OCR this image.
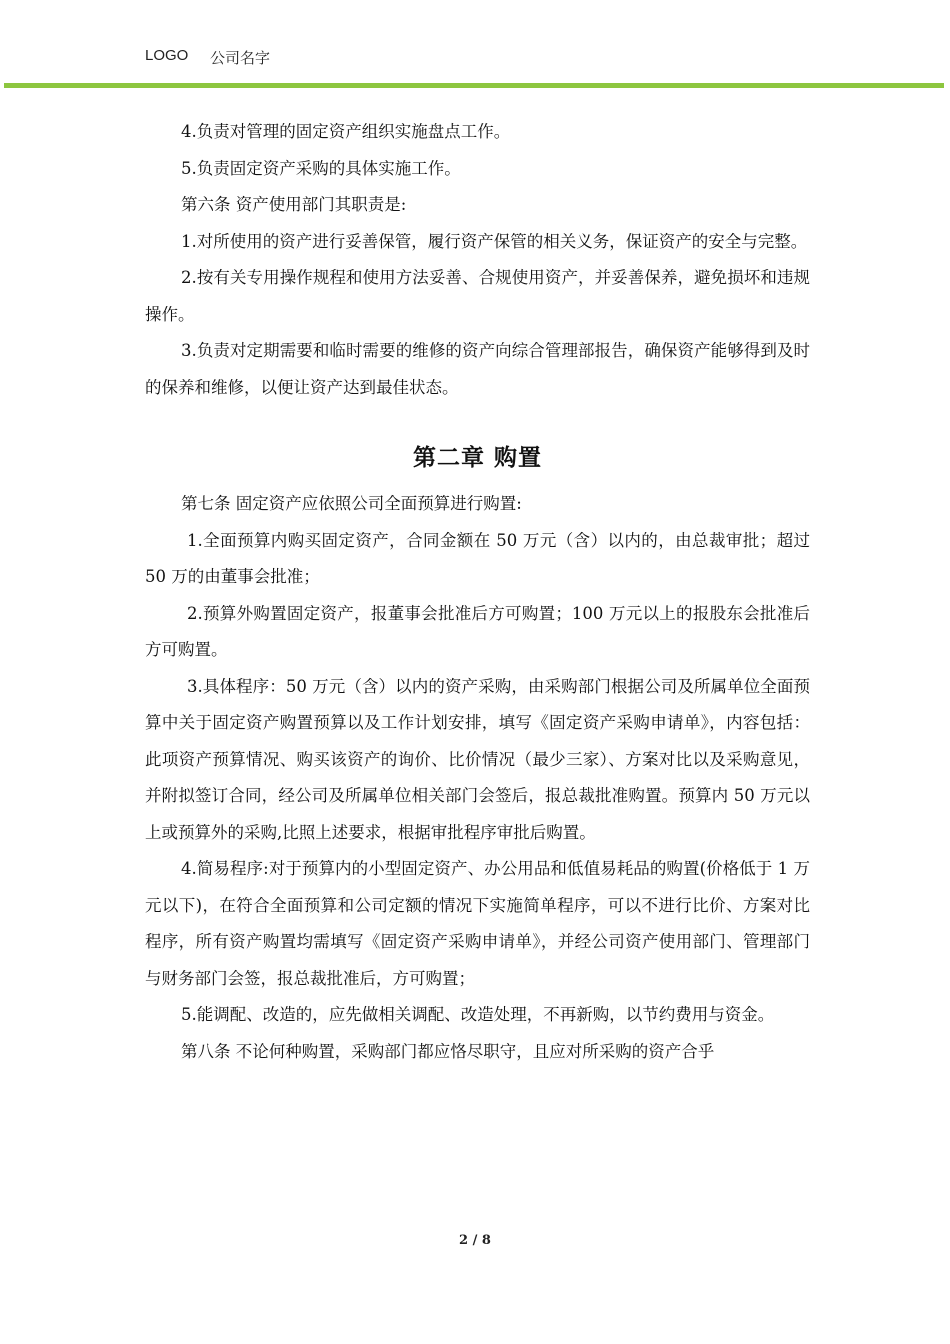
LOGO 公司名字

4.负责对管理的固定资产组织实施盘点工作。

5.负责固定资产采购的具体实施工作。

第六条 资产使用部门其职责是:

1.对所使用的资产进行妥善保管，履行资产保管的相关义务，保证资产的安全与完整。

2.按有关专用操作规程和使用方法妥善、合规使用资产，并妥善保养，避免损坏和违规操作。

3.负责对定期需要和临时需要的维修的资产向综合管理部报告，确保资产能够得到及时的保养和维修，以便让资产达到最佳状态。

第二章 购置

第七条 固定资产应依照公司全面预算进行购置:

1.全面预算内购买固定资产，合同金额在 50 万元（含）以内的，由总裁审批；超过 50 万的由董事会批准；

2.预算外购置固定资产，报董事会批准后方可购置；100 万元以上的报股东会批准后方可购置。

3.具体程序：50 万元（含）以内的资产采购，由采购部门根据公司及所属单位全面预算中关于固定资产购置预算以及工作计划安排，填写《固定资产采购申请单》，内容包括：此项资产预算情况、购买该资产的询价、比价情况（最少三家）、方案对比以及采购意见，并附拟签订合同，经公司及所属单位相关部门会签后，报总裁批准购置。预算内 50 万元以上或预算外的采购,比照上述要求，根据审批程序审批后购置。

4.简易程序:对于预算内的小型固定资产、办公用品和低值易耗品的购置(价格低于 1 万元以下)，在符合全面预算和公司定额的情况下实施简单程序，可以不进行比价、方案对比程序，所有资产购置均需填写《固定资产采购申请单》，并经公司资产使用部门、管理部门与财务部门会签，报总裁批准后，方可购置；

5.能调配、改造的，应先做相关调配、改造处理，不再新购，以节约费用与资金。

第八条 不论何种购置，采购部门都应恪尽职守，且应对所采购的资产合乎

2 / 8
